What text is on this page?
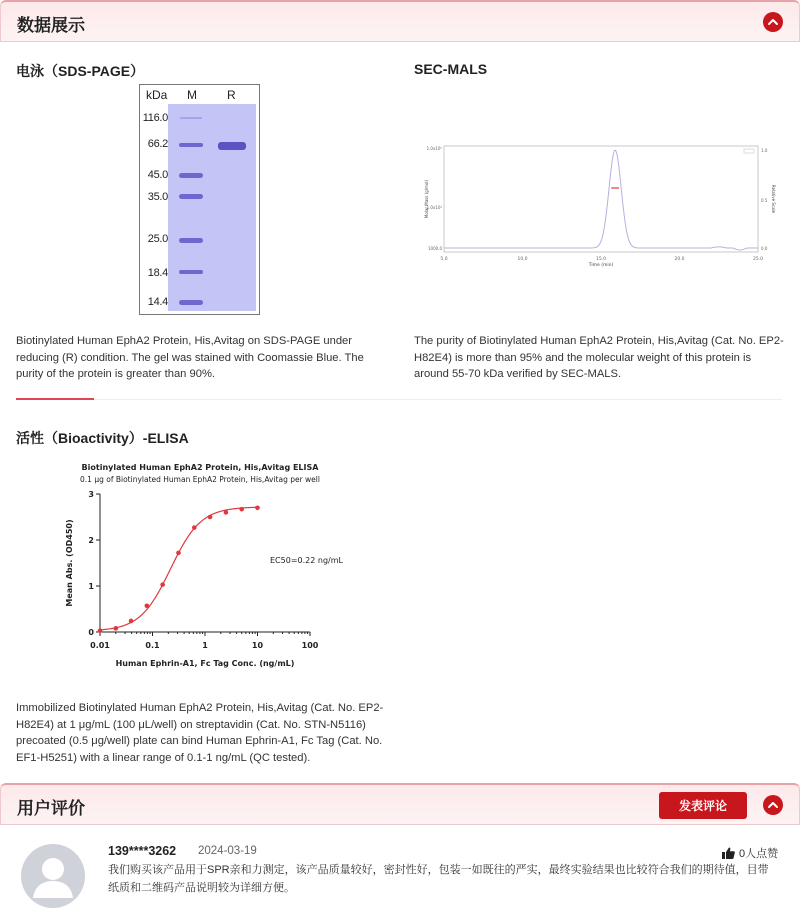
数据展示
电泳（SDS-PAGE）
kDa M	R
116.0
66.2
45.0
35.0
25.0
18.4
14.4
Biotinylated Human EphA2 Protein, His,Avitag on SDS-PAGE under reducing (R) condition. The gel was stained with Coomassie Blue. The purity of the protein is greater than 90%.
SEC-MALS
5.0	10.0	15.0	20.0	25.0
1000.0
1.0x10⁴
1.0x10⁵
0.0
0.5
1.0
Time (min)
Molar Mass (g/mol)	Relative Scale
The purity of Biotinylated Human EphA2 Protein, His,Avitag (Cat. No. EP2-H82E4) is more than 95% and the molecular weight of this protein is around 55-70 kDa verified by SEC-MALS.
活性（Bioactivity）-ELISA
Biotinylated Human EphA2 Protein, His,Avitag ELISA
0.1 μg of Biotinylated Human EphA2 Protein, His,Avitag per well
0
1
2
3
0.01	0.1	1	10	100
Human Ephrin-A1, Fc Tag Conc. (ng/mL)
Mean Abs. (OD450)	EC50=0.22 ng/mL
Immobilized Biotinylated Human EphA2 Protein, His,Avitag (Cat. No. EP2-H82E4) at 1 μg/mL (100 μL/well) on streptavidin (Cat. No. STN-N5116) precoated (0.5 μg/well) plate can bind Human Ephrin-A1, Fc Tag (Cat. No. EF1-H5251) with a linear range of 0.1-1 ng/mL (QC tested).
用户评价	发表评论
139****3262 2024-03-19	0人点赞
我们购买该产品用于SPR亲和力测定，该产品质量较好，密封性好，包装一如既往的严实，最终实验结果也比较符合我们的期待值，目带纸质和二维码产品说明较为详细方便。
